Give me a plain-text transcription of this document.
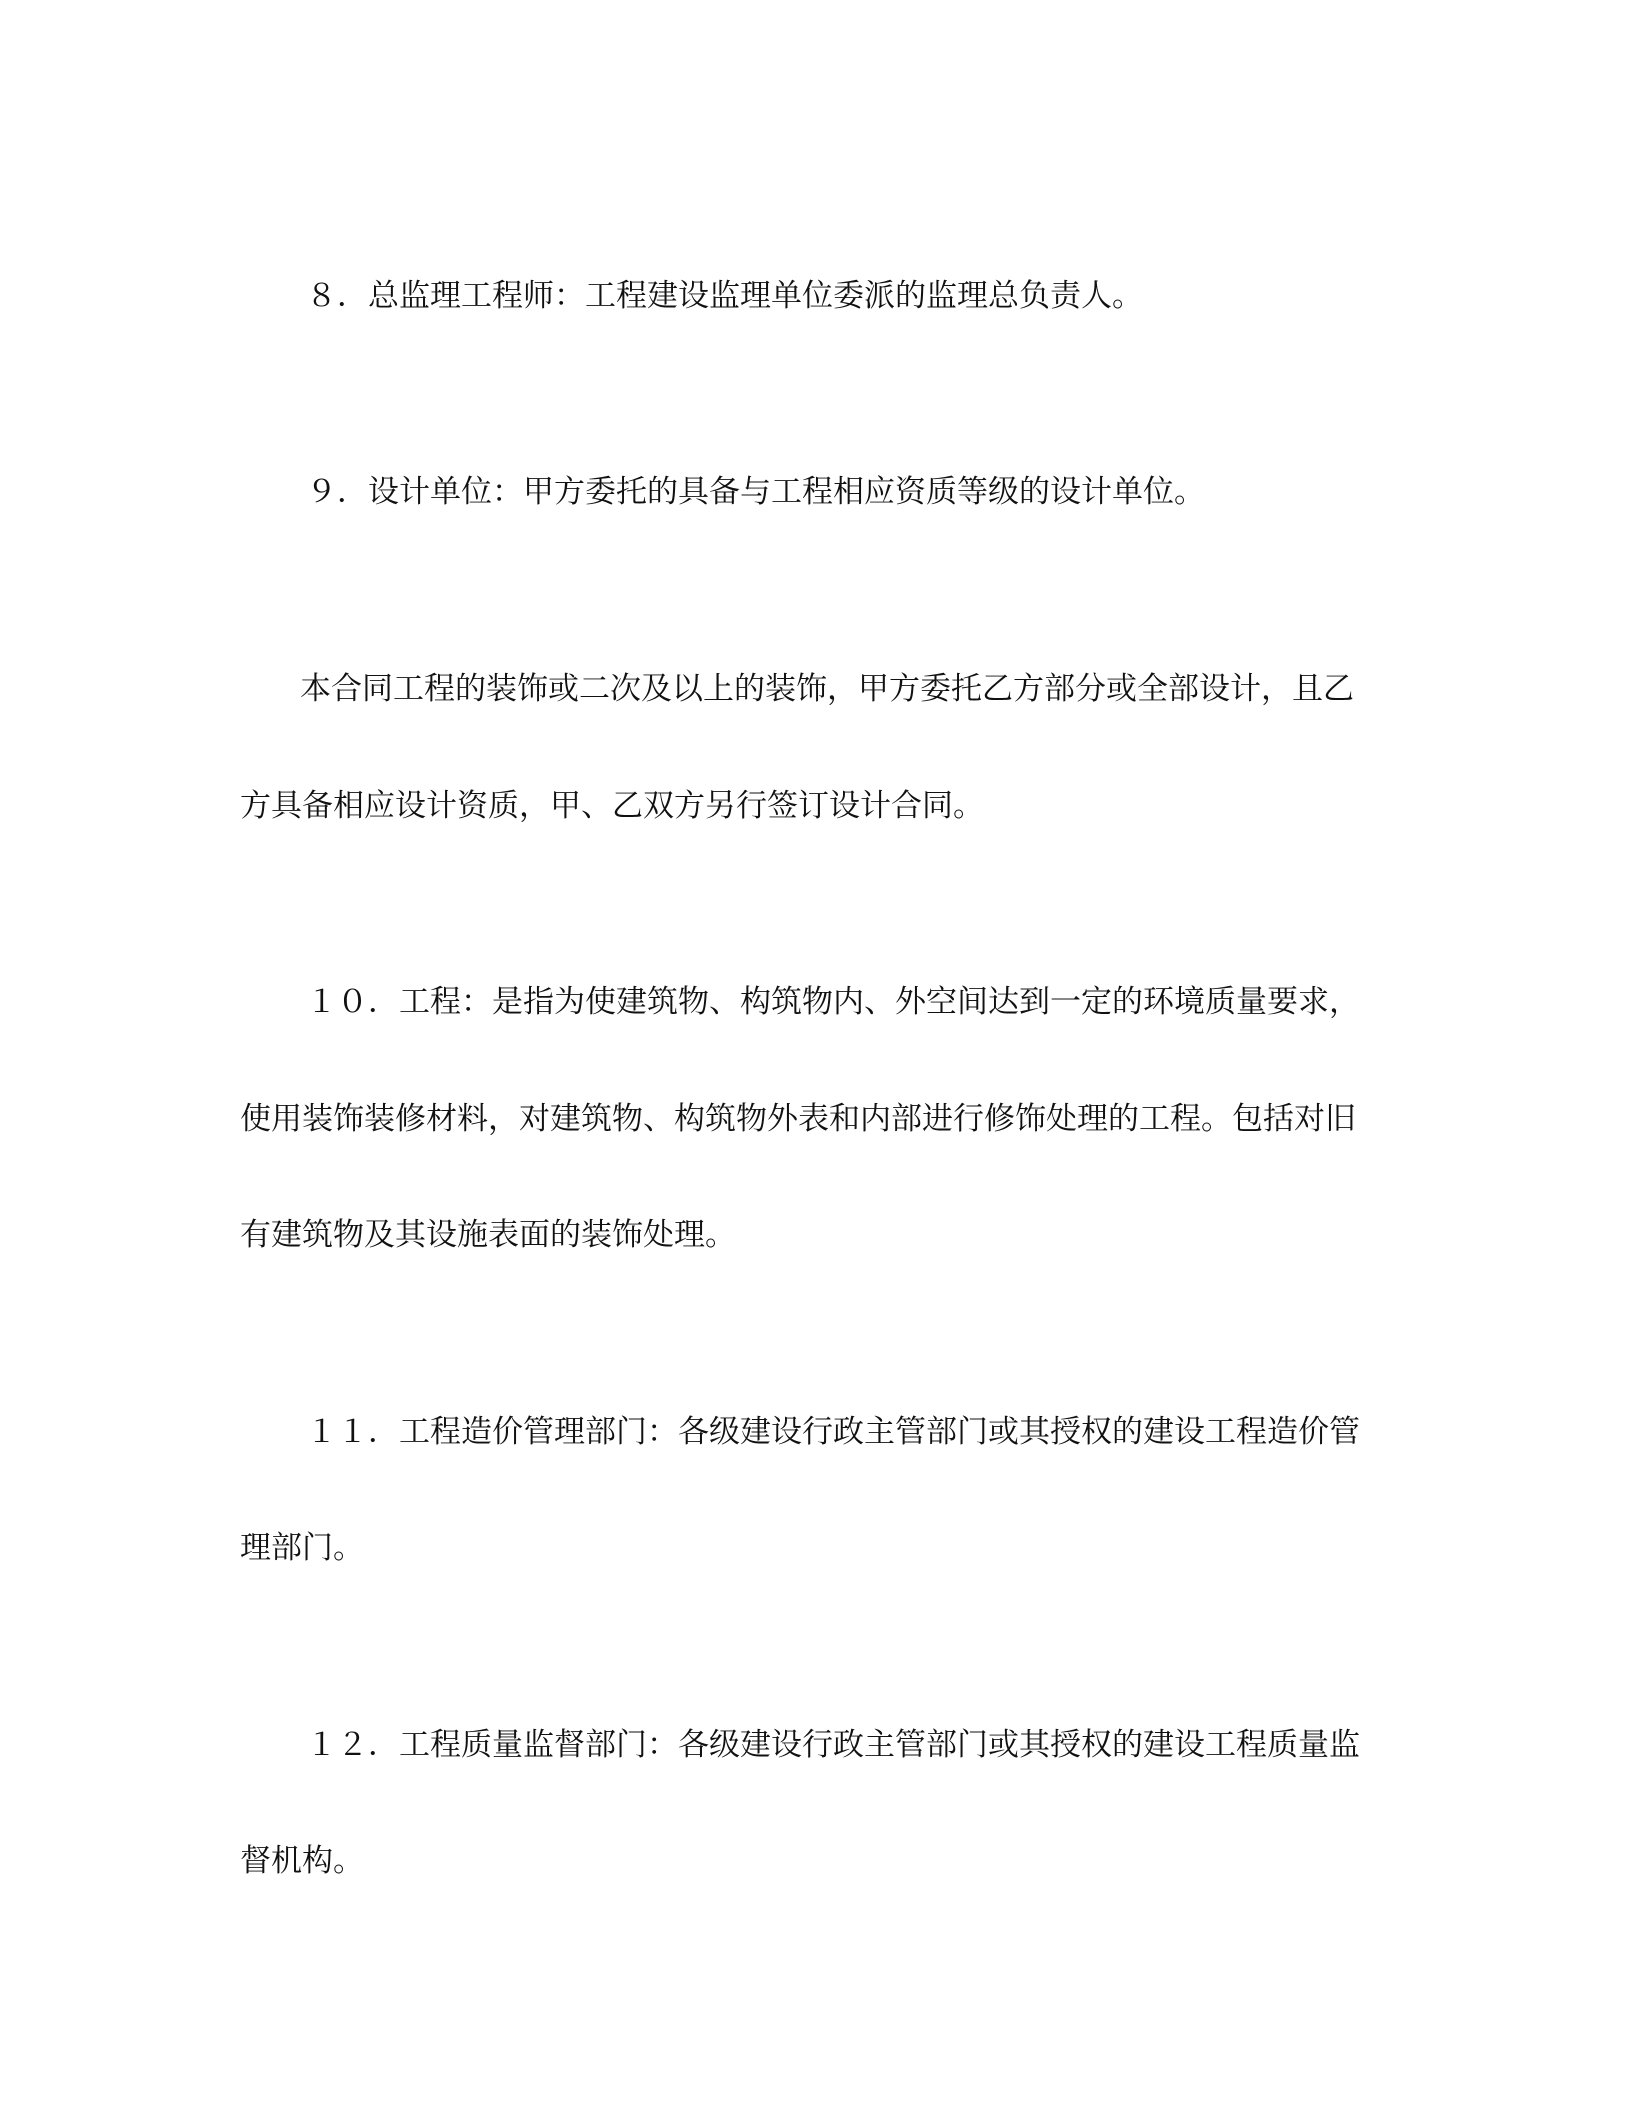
８．总监理工程师：工程建设监理单位委派的监理总负责人。
９．设计单位：甲方委托的具备与工程相应资质等级的设计单位。
本合同工程的装饰或二次及以上的装饰，甲方委托乙方部分或全部设计，且乙
方具备相应设计资质，甲、乙双方另行签订设计合同。
１０．工程：是指为使建筑物、构筑物内、外空间达到一定的环境质量要求，
使用装饰装修材料，对建筑物、构筑物外表和内部进行修饰处理的工程。包括对旧
有建筑物及其设施表面的装饰处理。
１１．工程造价管理部门：各级建设行政主管部门或其授权的建设工程造价管
理部门。
１２．工程质量监督部门：各级建设行政主管部门或其授权的建设工程质量监
督机构。
